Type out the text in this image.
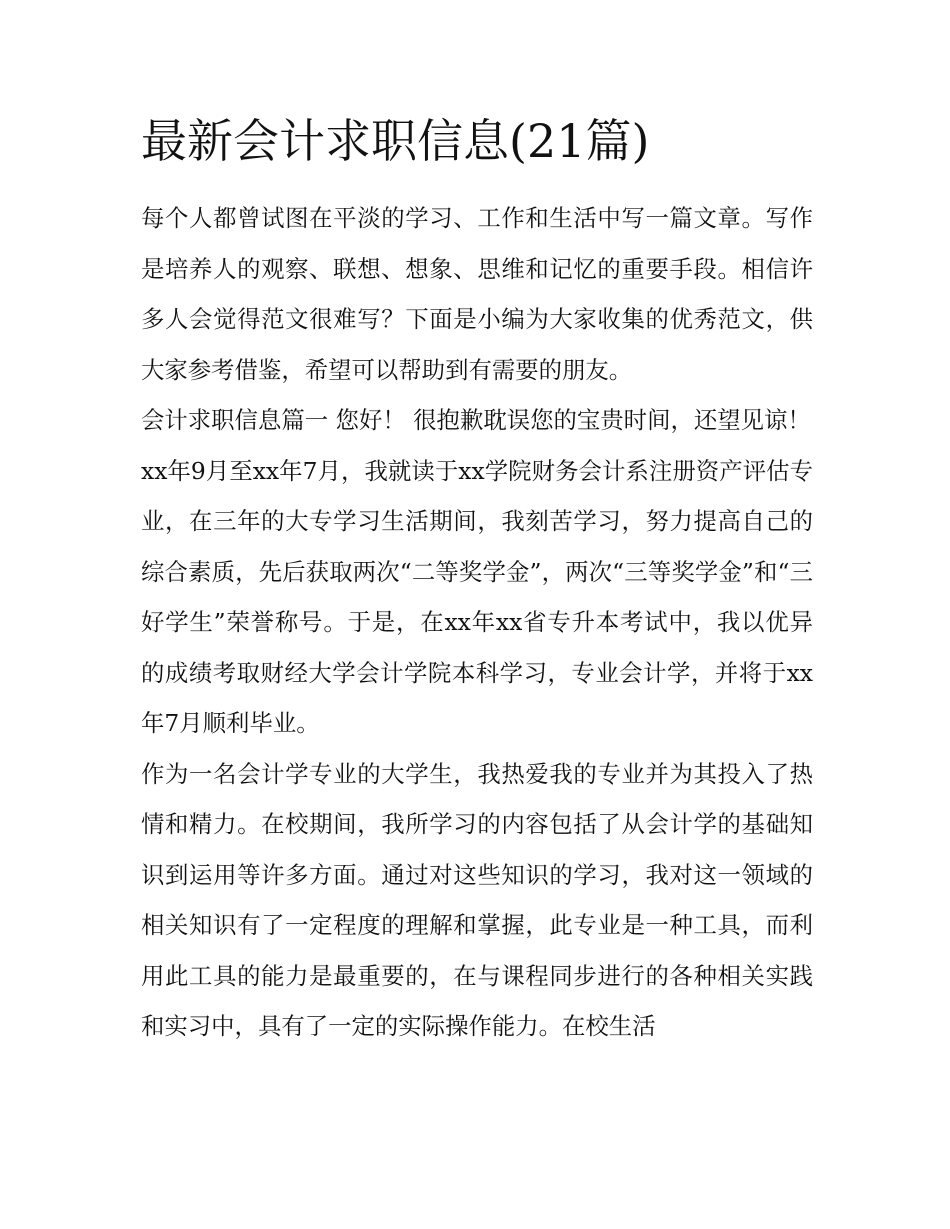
最新会计求职信息(21篇)

每个人都曾试图在平淡的学习、工作和生活中写一篇文章。写作是培养人的观察、联想、想象、思维和记忆的重要手段。相信许多人会觉得范文很难写？下面是小编为大家收集的优秀范文，供大家参考借鉴，希望可以帮助到有需要的朋友。

会计求职信息篇一 您好！ 很抱歉耽误您的宝贵时间，还望见谅！

xx年9月至xx年7月，我就读于xx学院财务会计系注册资产评估专业，在三年的大专学习生活期间，我刻苦学习，努力提高自己的综合素质，先后获取两次“二等奖学金”，两次“三等奖学金”和“三好学生”荣誉称号。于是，在xx年xx省专升本考试中，我以优异的成绩考取财经大学会计学院本科学习，专业会计学，并将于xx年7月顺利毕业。

作为一名会计学专业的大学生，我热爱我的专业并为其投入了热情和精力。在校期间，我所学习的内容包括了从会计学的基础知识到运用等许多方面。通过对这些知识的学习，我对这一领域的相关知识有了一定程度的理解和掌握，此专业是一种工具，而利用此工具的能力是最重要的，在与课程同步进行的各种相关实践和实习中，具有了一定的实际操作能力。在校生活
